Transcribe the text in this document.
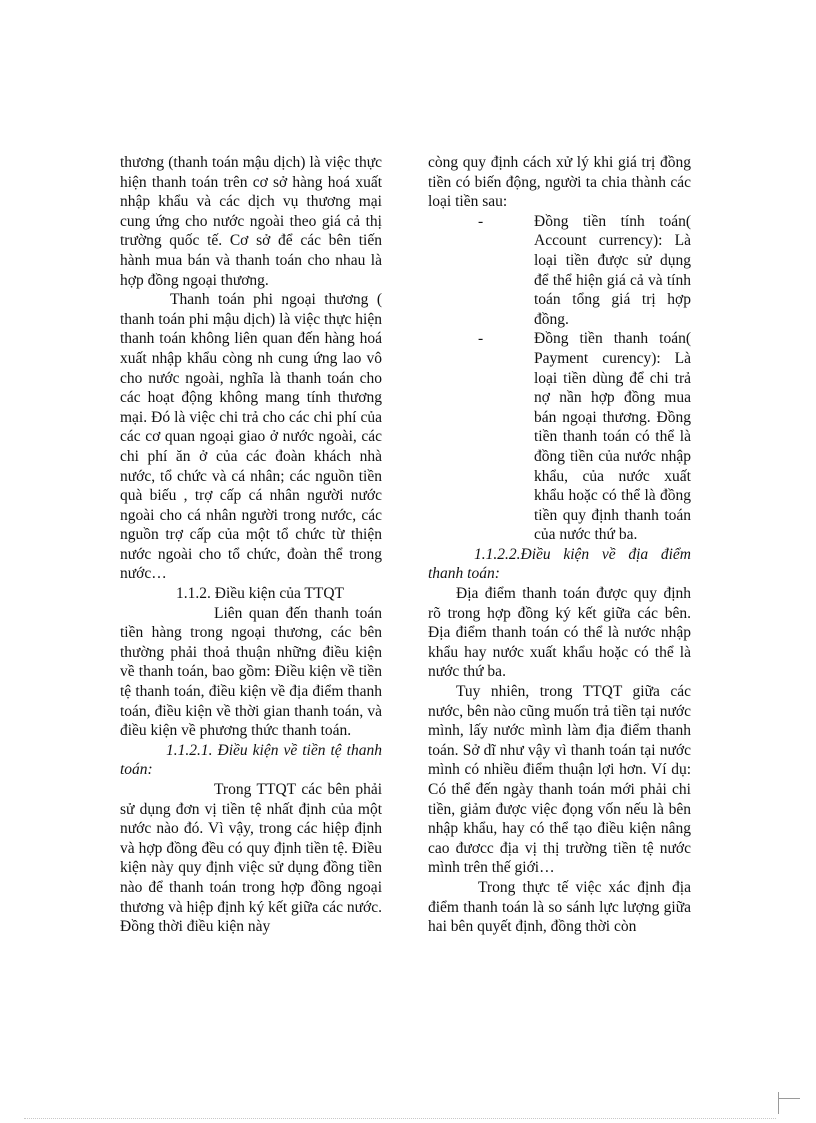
thương (thanh toán mậu dịch) là việc thực hiện thanh toán trên cơ sở hàng hoá xuất nhập khẩu và các dịch vụ thương mại cung ứng cho nước ngoài theo giá cả thị trường quốc tế. Cơ sở để các bên tiến hành mua bán và thanh toán cho nhau là hợp đồng ngoại thương.

Thanh toán phi ngoại thương ( thanh toán phi mậu dịch) là việc thực hiện thanh toán không liên quan đến hàng hoá xuất nhập khẩu còng nh cung ứng lao vô cho nước ngoài, nghĩa là thanh toán cho các hoạt động không mang tính thương mại. Đó là việc chi trả cho các chi phí của các cơ quan ngoại giao ở nước ngoài, các chi phí ăn ở của các đoàn khách nhà nước, tổ chức và cá nhân; các nguồn tiền quà biếu , trợ cấp cá nhân người nước ngoài cho cá nhân người trong nước, các nguồn trợ cấp của một tổ chức từ thiện nước ngoài cho tổ chức, đoàn thể trong nước…

1.1.2. Điều kiện của TTQT

Liên quan đến thanh toán tiền hàng trong ngoại thương, các bên thường phải thoả thuận những điều kiện về thanh toán, bao gồm: Điều kiện về tiền tệ thanh toán, điều kiện về địa điểm thanh toán, điều kiện về thời gian thanh toán, và điều kiện về phương thức thanh toán.

1.1.2.1. Điều kiện về tiền tệ thanh toán:

Trong TTQT các bên phải sử dụng đơn vị tiền tệ nhất định của một nước nào đó. Vì vậy, trong các hiệp định và hợp đồng đều có quy định tiền tệ. Điều kiện này quy định việc sử dụng đồng tiền nào để thanh toán trong hợp đồng ngoại thương và hiệp định ký kết giữa các nước. Đồng thời điều kiện này

còng quy định cách xử lý khi giá trị đồng tiền có biến động, người ta chia thành các loại tiền sau:

-	Đồng tiền tính toán( Account currency): Là loại tiền được sử dụng để thể hiện giá cả và tính toán tổng giá trị hợp đồng.
-	Đồng tiền thanh toán( Payment curency): Là loại tiền dùng để chi trả nợ nần hợp đồng mua bán ngoại thương. Đồng tiền thanh toán có thể là đồng tiền của nước nhập khẩu, của nước xuất khẩu hoặc có thể là đồng tiền quy định thanh toán của nước thứ ba.

1.1.2.2.Điều kiện về địa điểm thanh toán:

Địa điểm thanh toán được quy định rõ trong hợp đồng ký kết giữa các bên. Địa điểm thanh toán có thể là nước nhập khẩu hay nước xuất khẩu hoặc có thể là nước thứ ba.

Tuy nhiên, trong TTQT giữa các nước, bên nào cũng muốn trả tiền tại nước mình, lấy nước mình làm địa điểm thanh toán. Sở dĩ như vậy vì thanh toán tại nước mình có nhiều điểm thuận lợi hơn. Ví dụ: Có thể đến ngày thanh toán mới phải chi tiền, giảm được việc đọng vốn nếu là bên nhập khẩu, hay có thể tạo điều kiện nâng cao đươcc địa vị thị trường tiền tệ nước mình trên thế giới…

Trong thực tế việc xác định địa điểm thanh toán là so sánh lực lượng giữa hai bên quyết định, đồng thời còn
